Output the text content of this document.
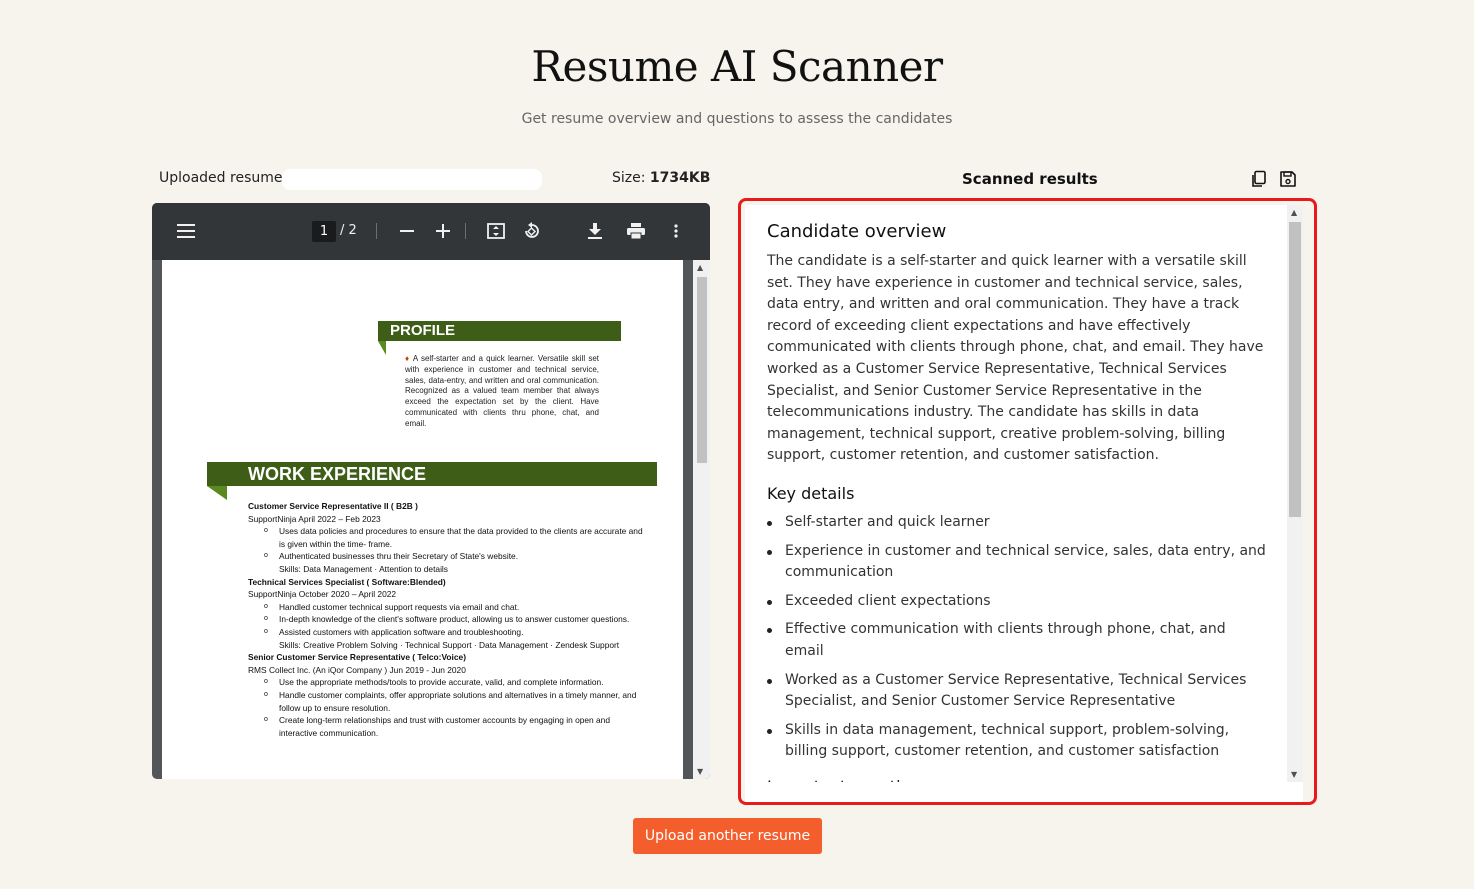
Resume AI Scanner
Get resume overview and questions to assess the candidates
Uploaded resume	Size: 1734KB
1 / 2
PROFILE
♦ A self-starter and a quick learner. Versatile skill set with experience in customer and technical service, sales, data-entry, and written and oral communication. Recognized as a valued team member that always exceed the expectation set by the client. Have communicated with clients thru phone, chat, and email.
WORK EXPERIENCE
Customer Service Representative II ( B2B )
SupportNinja April 2022 – Feb 2023
o Uses data policies and procedures to ensure that the data provided to the clients are accurate and is given within the time- frame.
o Authenticated businesses thru their Secretary of State's website.
Skills: Data Management · Attention to details
Technical Services Specialist ( Software:Blended)
SupportNinja October 2020 – April 2022
o Handled customer technical support requests via email and chat.
o In-depth knowledge of the client's software product, allowing us to answer customer questions.
o Assisted customers with application software and troubleshooting.
Skills: Creative Problem Solving · Technical Support · Data Management · Zendesk Support
Senior Customer Service Representative ( Telco:Voice)
RMS Collect Inc. (An iQor Company ) Jun 2019 - Jun 2020
o Use the appropriate methods/tools to provide accurate, valid, and complete information.
o Handle customer complaints, offer appropriate solutions and alternatives in a timely manner, and follow up to ensure resolution.
o Create long-term relationships and trust with customer accounts by engaging in open and interactive communication.
▲
▼
Scanned results
Candidate overview

The candidate is a self-starter and quick learner with a versatile skill set. They have experience in customer and technical service, sales, data entry, and written and oral communication. They have a track record of exceeding client expectations and have effectively communicated with clients through phone, chat, and email. They have worked as a Customer Service Representative, Technical Services Specialist, and Senior Customer Service Representative in the telecommunications industry. The candidate has skills in data management, technical support, creative problem-solving, billing support, customer retention, and customer satisfaction.

Key details
Self-starter and quick learner
Experience in customer and technical service, sales, data entry, and communication
Exceeded client expectations
Effective communication with clients through phone, chat, and email
Worked as a Customer Service Representative, Technical Services Specialist, and Senior Customer Service Representative
Skills in data management, technical support, problem-solving, billing support, customer retention, and customer satisfaction
▲
▼
Upload another resume
